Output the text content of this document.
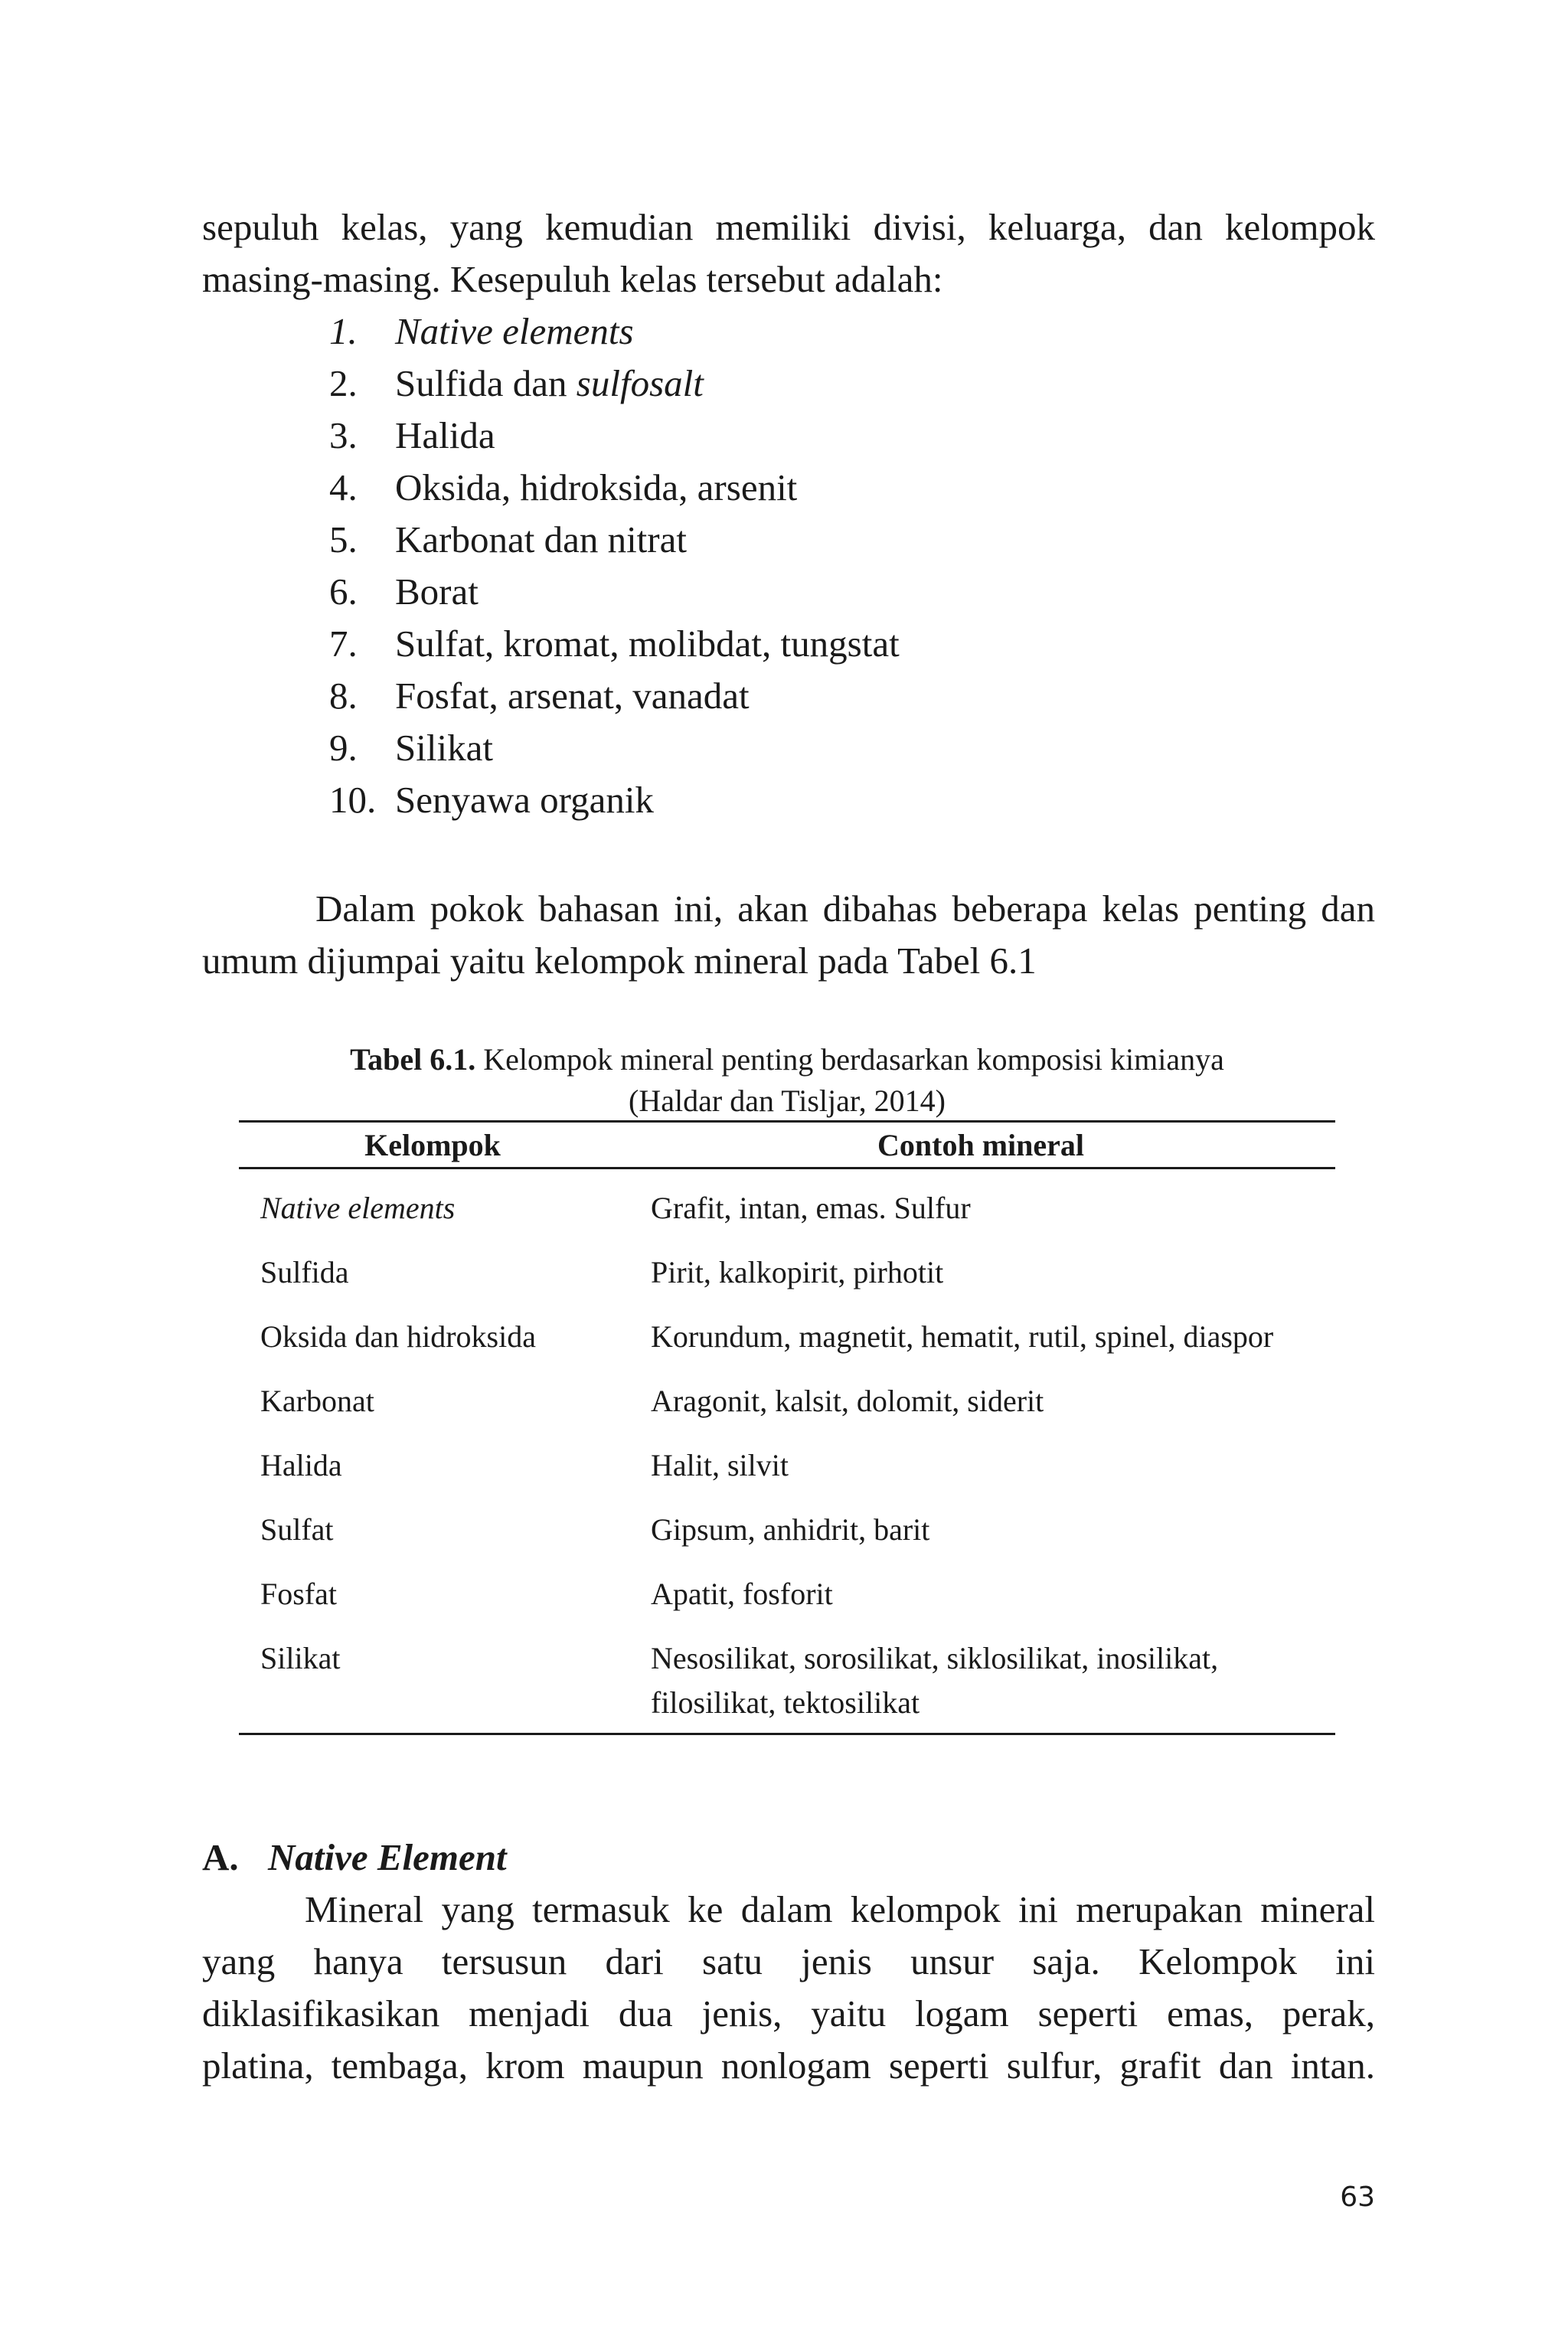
sepuluh kelas, yang kemudian memiliki divisi, keluarga, dan kelompok
masing-masing. Kesepuluh kelas tersebut adalah:

1.	Native elements
2.	Sulfida dan sulfosalt
3.	Halida
4.	Oksida, hidroksida, arsenit
5.	Karbonat dan nitrat
6.	Borat
7.	Sulfat, kromat, molibdat, tungstat
8.	Fosfat, arsenat, vanadat
9.	Silikat
10. Senyawa organik

Dalam pokok bahasan ini, akan dibahas beberapa kelas penting dan
umum dijumpai yaitu kelompok mineral pada Tabel 6.1

Tabel 6.1. Kelompok mineral penting berdasarkan komposisi kimianya
(Haldar dan Tisljar, 2014)
Kelompok	Contoh mineral
Native elements	Grafit, intan, emas. Sulfur
Sulfida	Pirit, kalkopirit, pirhotit
Oksida dan hidroksida	Korundum, magnetit, hematit, rutil, spinel, diaspor
Karbonat	Aragonit, kalsit, dolomit, siderit
Halida	Halit, silvit
Sulfat	Gipsum, anhidrit, barit
Fosfat	Apatit, fosforit
Silikat	Nesosilikat, sorosilikat, siklosilikat, inosilikat,
filosilikat, tektosilikat
A. Native Element

Mineral yang termasuk ke dalam kelompok ini merupakan mineral
yang hanya tersusun dari satu jenis unsur saja. Kelompok ini
diklasifikasikan menjadi dua jenis, yaitu logam seperti emas, perak,
platina, tembaga, krom maupun nonlogam seperti sulfur, grafit dan intan.

63
